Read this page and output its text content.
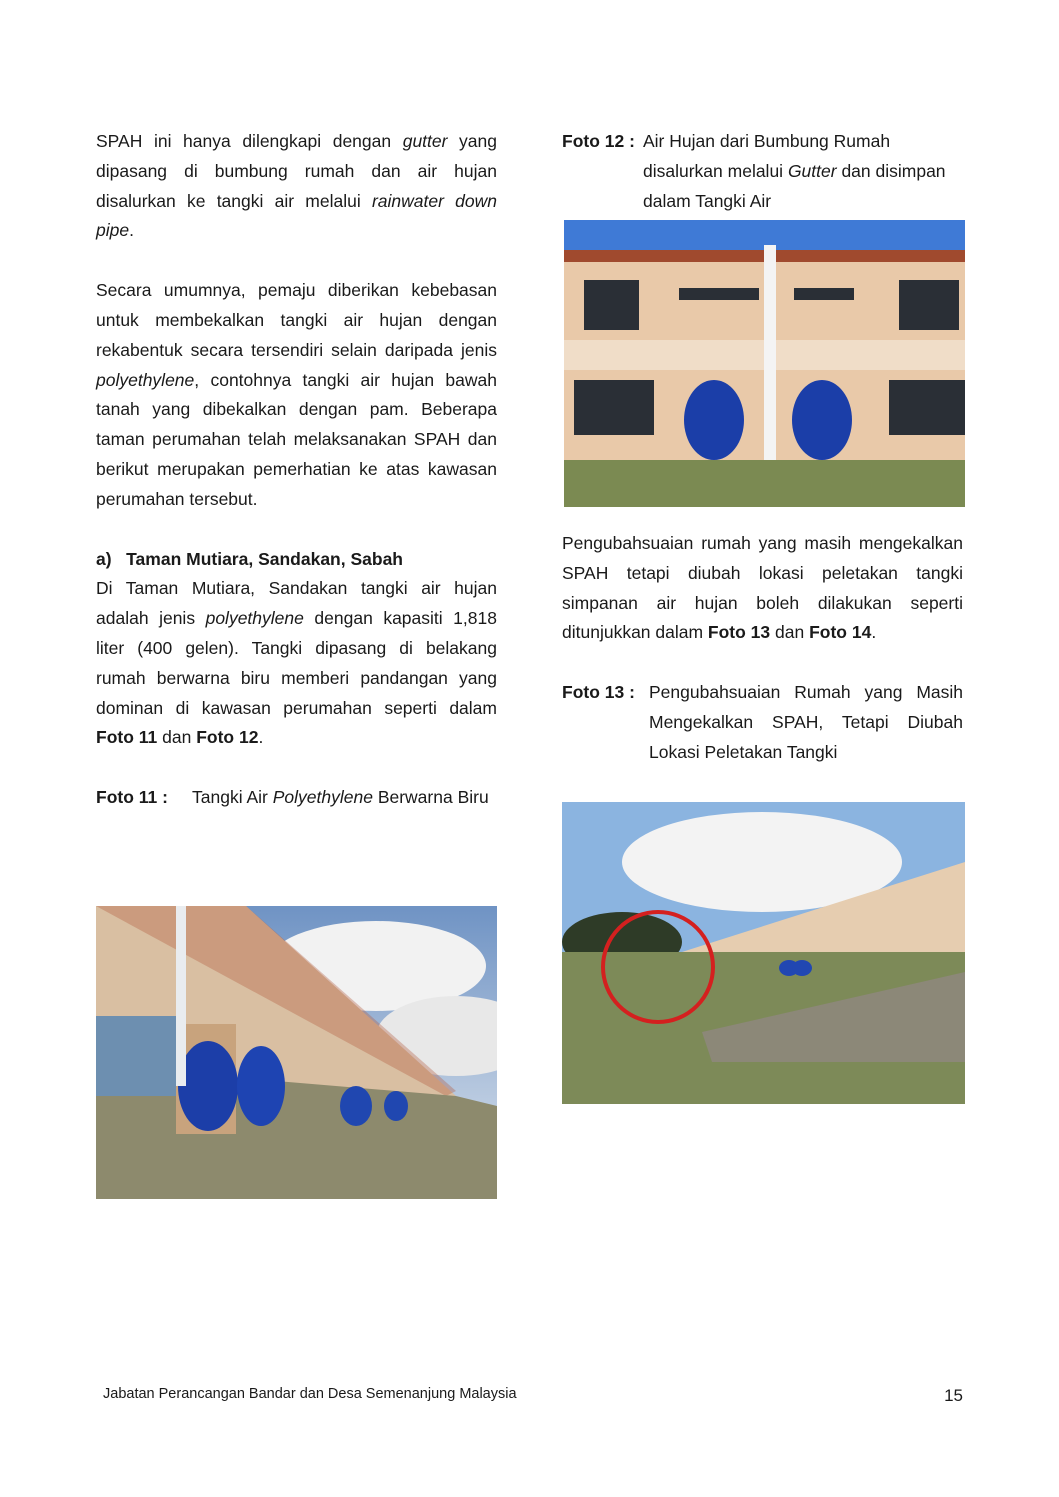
SPAH ini hanya dilengkapi dengan gutter yang dipasang di bumbung rumah dan air hujan disalurkan ke tangki air melalui rainwater down pipe.

Secara umumnya, pemaju diberikan kebebasan untuk membekalkan tangki air hujan dengan rekabentuk secara tersendiri selain daripada jenis polyethylene, contohnya tangki air hujan bawah tanah yang dibekalkan dengan pam. Beberapa taman perumahan telah melaksanakan SPAH dan berikut merupakan pemerhatian ke atas kawasan perumahan tersebut.

a)   Taman Mutiara, Sandakan, Sabah

Di Taman Mutiara, Sandakan tangki air hujan adalah jenis polyethylene dengan kapasiti 1,818 liter (400 gelen). Tangki dipasang di belakang rumah berwarna biru memberi pandangan yang dominan di kawasan perumahan seperti dalam Foto 11 dan Foto 12.

Foto 11 :	Tangki Air Polyethylene Berwarna Biru

Foto 12 : Air Hujan dari Bumbung Rumah disalurkan melalui Gutter dan disimpan dalam Tangki Air

Pengubahsuaian rumah yang masih mengekalkan SPAH tetapi diubah lokasi peletakan tangki simpanan air hujan boleh dilakukan seperti ditunjukkan dalam Foto 13 dan Foto 14.

Foto 13 : Pengubahsuaian Rumah yang Masih Mengekalkan SPAH, Tetapi Diubah Lokasi Peletakan Tangki

Jabatan Perancangan Bandar dan Desa Semenanjung Malaysia	15
